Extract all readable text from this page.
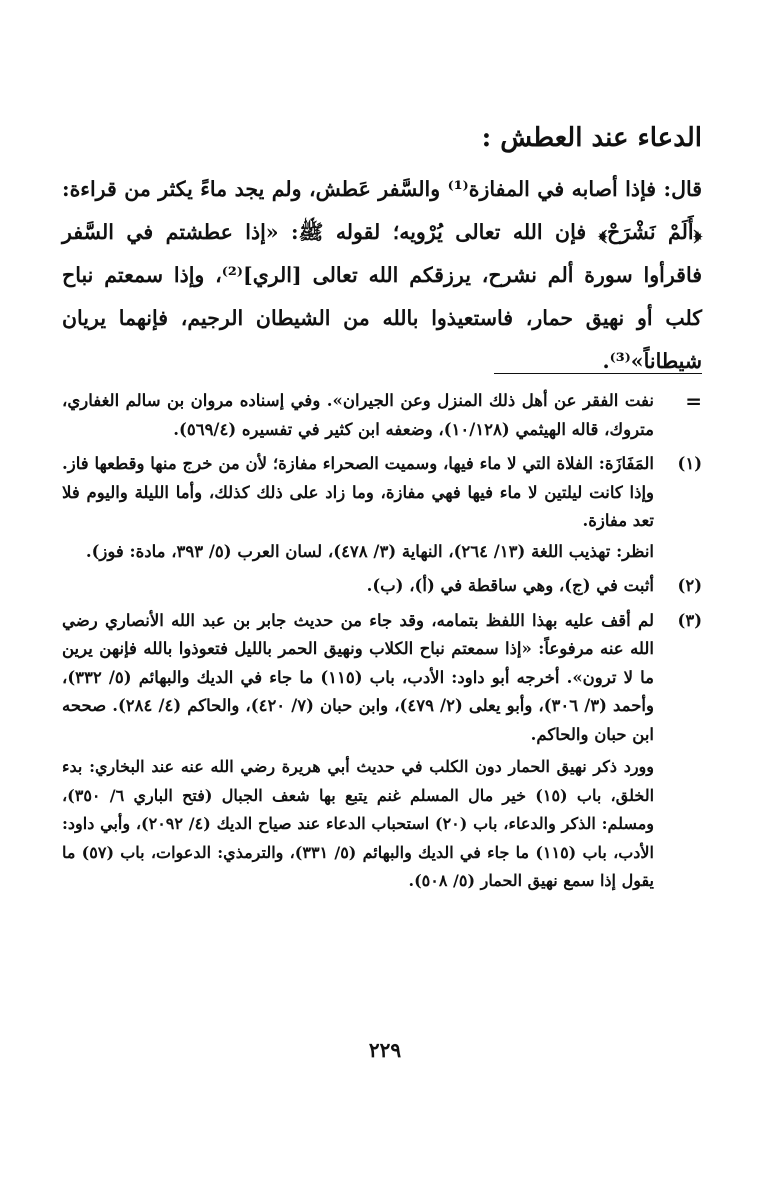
الدعاء عند العطش :

قال: فإذا أصابه في المفازة⁽¹⁾ والسَّفر عَطش، ولم يجد ماءً يكثر من قراءة: ﴿أَلَمْ نَشْرَحْ﴾ فإن الله تعالى يُرْويه؛ لقوله ﷺ: «إذا عطشتم في السَّفر فاقرأوا سورة ألم نشرح، يرزقكم الله تعالى [الري]⁽²⁾، وإذا سمعتم نباح كلب أو نهيق حمار، فاستعيذوا بالله من الشيطان الرجيم، فإنهما يريان شيطاناً»⁽³⁾.

=
نفت الفقر عن أهل ذلك المنزل وعن الجيران». وفي إسناده مروان بن سالم الغفاري، متروك، قاله الهيثمي (١٠/١٢٨)، وضعفه ابن كثير في تفسيره (٥٦٩/٤).
(١)
المَفَازَة: الفلاة التي لا ماء فيها، وسميت الصحراء مفازة؛ لأن من خرج منها وقطعها فاز. وإذا كانت ليلتين لا ماء فيها فهي مفازة، وما زاد على ذلك كذلك، وأما الليلة واليوم فلا تعد مفازة.
انظر: تهذيب اللغة (١٣/ ٢٦٤)، النهاية (٣/ ٤٧٨)، لسان العرب (٥/ ٣٩٣، مادة: فوز).
(٢)
أثبت في (ج)، وهي ساقطة في (أ)، (ب).
(٣)
لم أقف عليه بهذا اللفظ بتمامه، وقد جاء من حديث جابر بن عبد الله الأنصاري رضي الله عنه مرفوعاً: «إذا سمعتم نباح الكلاب ونهيق الحمر بالليل فتعوذوا بالله فإنهن يرين ما لا ترون». أخرجه أبو داود: الأدب، باب (١١٥) ما جاء في الديك والبهائم (٥/ ٣٣٢)، وأحمد (٣/ ٣٠٦)، وأبو يعلى (٢/ ٤٧٩)، وابن حبان (٧/ ٤٢٠)، والحاكم (٤/ ٢٨٤). صححه ابن حبان والحاكم.
وورد ذكر نهيق الحمار دون الكلب في حديث أبي هريرة رضي الله عنه عند البخاري: بدء الخلق، باب (١٥) خير مال المسلم غنم يتبع بها شعف الجبال (فتح الباري ٦/ ٣٥٠)، ومسلم: الذكر والدعاء، باب (٢٠) استحباب الدعاء عند صياح الديك (٤/ ٢٠٩٢)، وأبي داود: الأدب، باب (١١٥) ما جاء في الديك والبهائم (٥/ ٣٣١)، والترمذي: الدعوات، باب (٥٧) ما يقول إذا سمع نهيق الحمار (٥/ ٥٠٨).
٢٢٩
